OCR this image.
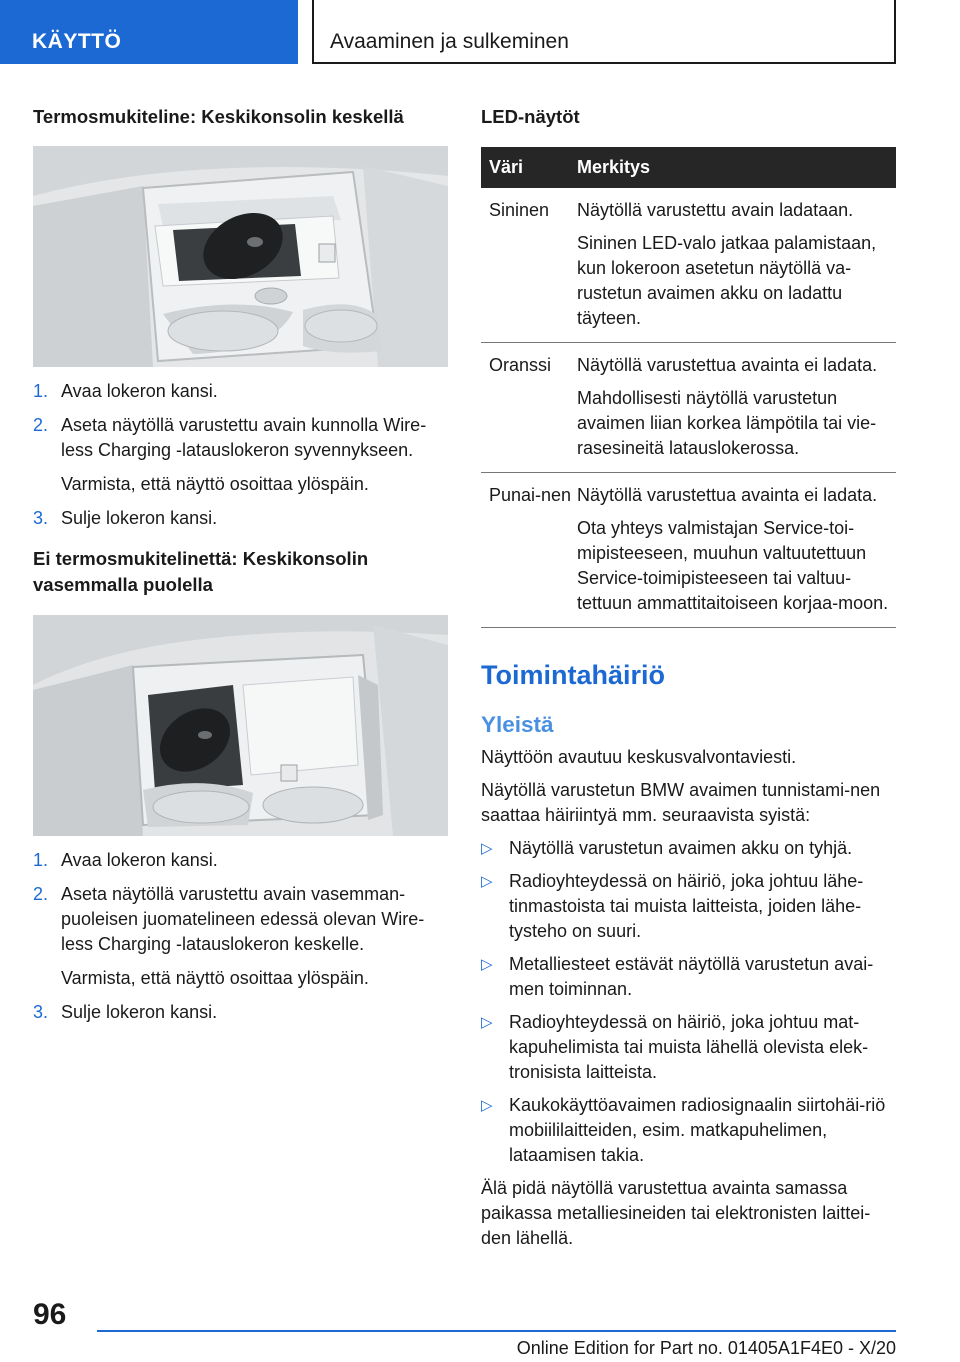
KÄYTTÖ	Avaaminen ja sulkeminen
Termosmukiteline: Keskikonsolin keskellä
1. Avaa lokeron kansi.
2. Aseta näytöllä varustettu avain kunnolla Wire‐less Charging -latauslokeron syvennykseen.
Varmista, että näyttö osoittaa ylöspäin.
3. Sulje lokeron kansi.
Ei termosmukitelinettä: Keskikonsolin vasemmalla puolella
1. Avaa lokeron kansi.
2. Aseta näytöllä varustettu avain vasemman‐puoleisen juomatelineen edessä olevan Wire‐less Charging -latauslokeron keskelle.
Varmista, että näyttö osoittaa ylöspäin.
3. Sulje lokeron kansi.
LED-näytöt
Väri	Merkitys
Sininen	Näytöllä varustettu avain ladataan.

Sininen LED-valo jatkaa palamistaan, kun lokeroon asetetun näytöllä va‐rustetun avaimen akku on ladattu täyteen.

Oranssi	Näytöllä varustettua avainta ei ladata.

Mahdollisesti näytöllä varustetun avaimen liian korkea lämpötila tai vie‐rasesineitä latauslokerossa.

Punai‐nen	Näytöllä varustettua avainta ei ladata.

Ota yhteys valmistajan Service-toi‐mipisteeseen, muuhun valtuutettuun Service-toimipisteeseen tai valtuu‐tettuun ammattitaitoiseen korjaa‐moon.

Toimintahäiriö
Yleistä

Näyttöön avautuu keskusvalvontaviesti.

Näytöllä varustetun BMW avaimen tunnistami‐nen saattaa häiriintyä mm. seuraavista syistä:

▷ Näytöllä varustetun avaimen akku on tyhjä.
▷ Radioyhteydessä on häiriö, joka johtuu lähe‐tinmastoista tai muista laitteista, joiden lähe‐tysteho on suuri.
▷ Metalliesteet estävät näytöllä varustetun avai‐men toiminnan.
▷ Radioyhteydessä on häiriö, joka johtuu mat‐kapuhelimista tai muista lähellä olevista elek‐tronisista laitteista.
▷ Kaukokäyttöavaimen radiosignaalin siirtohäi‐riö mobiililaitteiden, esim. matkapuhelimen, lataamisen takia.

Älä pidä näytöllä varustettua avainta samassa paikassa metalliesineiden tai elektronisten laittei‐den lähellä.

96
Online Edition for Part no. 01405A1F4E0 - X/20
